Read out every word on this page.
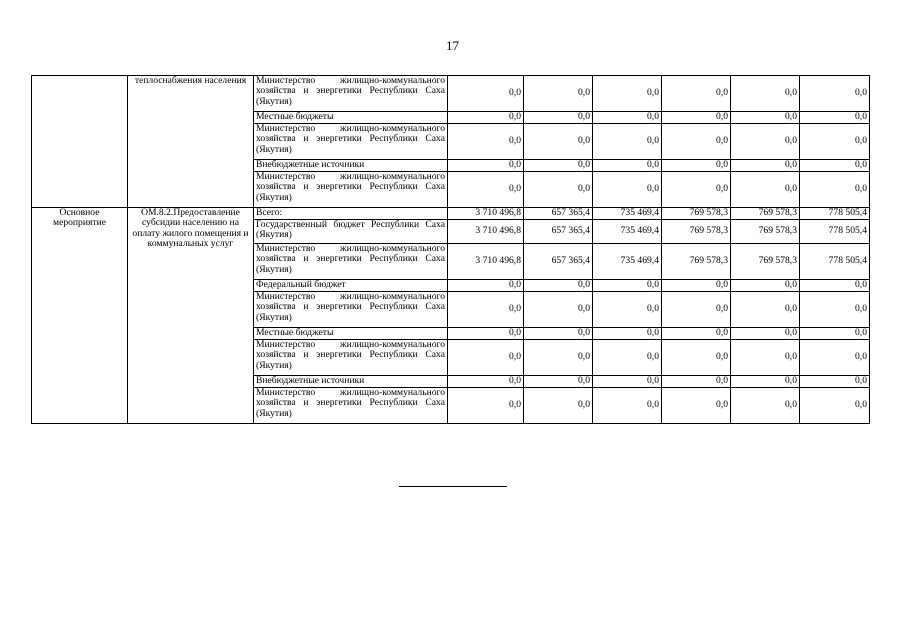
17
	теплоснабжения населения	Министерство жилищно-коммунального хозяйства и энергетики Республики Саха (Якутия)	0,0	0,0	0,0	0,0	0,0	0,0
		Местные бюджеты	0,0	0,0	0,0	0,0	0,0	0,0
		Министерство жилищно-коммунального хозяйства и энергетики Республики Саха (Якутия)	0,0	0,0	0,0	0,0	0,0	0,0
		Внебюджетные источники	0,0	0,0	0,0	0,0	0,0	0,0
		Министерство жилищно-коммунального хозяйства и энергетики Республики Саха (Якутия)	0,0	0,0	0,0	0,0	0,0	0,0
Основное мероприятие	ОМ.8.2.Предоставление субсидии населению на оплату жилого помещения и коммунальных услуг	Всего:	3 710 496,8	657 365,4	735 469,4	769 578,3	769 578,3	778 505,4
		Государственный бюджет Республики Саха (Якутия)	3 710 496,8	657 365,4	735 469,4	769 578,3	769 578,3	778 505,4
		Министерство жилищно-коммунального хозяйства и энергетики Республики Саха (Якутия)	3 710 496,8	657 365,4	735 469,4	769 578,3	769 578,3	778 505,4
		Федеральный бюджет	0,0	0,0	0,0	0,0	0,0	0,0
		Министерство жилищно-коммунального хозяйства и энергетики Республики Саха (Якутия)	0,0	0,0	0,0	0,0	0,0	0,0
		Местные бюджеты	0,0	0,0	0,0	0,0	0,0	0,0
		Министерство жилищно-коммунального хозяйства и энергетики Республики Саха (Якутия)	0,0	0,0	0,0	0,0	0,0	0,0
		Внебюджетные источники	0,0	0,0	0,0	0,0	0,0	0,0
		Министерство жилищно-коммунального хозяйства и энергетики Республики Саха (Якутия)	0,0	0,0	0,0	0,0	0,0	0,0
